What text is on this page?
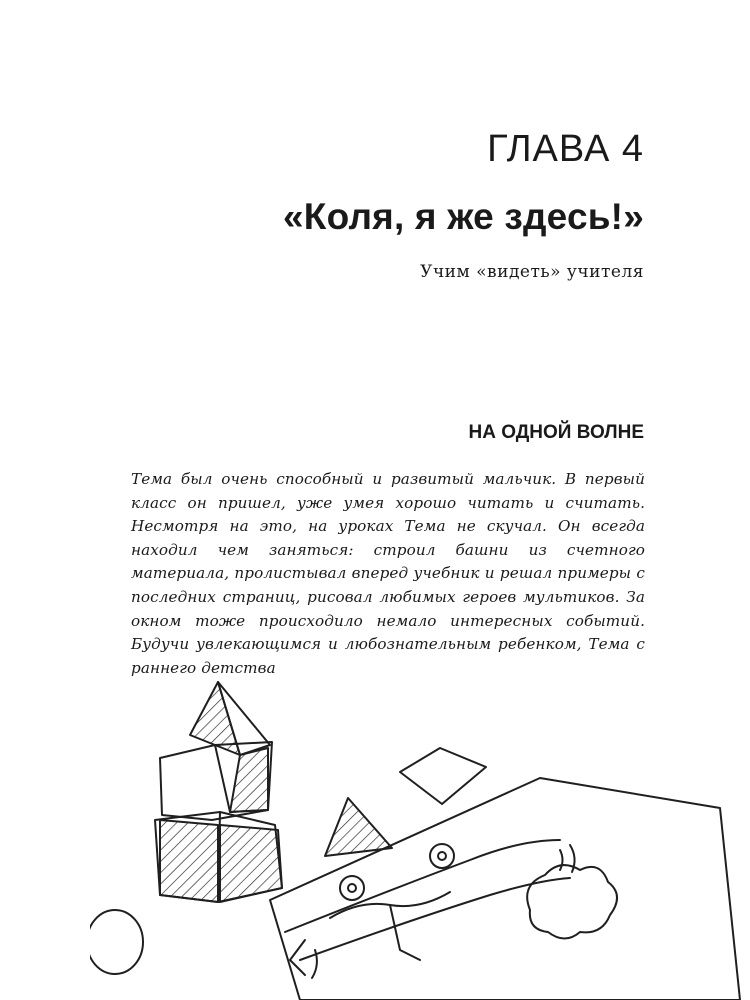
ГЛАВА 4
«Коля, я же здесь!»

Учим «видеть» учителя

НА ОДНОЙ ВОЛНЕ

Тема был очень способный и развитый мальчик. В первый класс он пришел, уже умея хорошо читать и считать. Несмотря на это, на уроках Тема не скучал. Он всегда находил чем заняться: строил башни из счетного материала, пролистывал вперед учебник и решал примеры с последних страниц, рисовал любимых героев мультиков. За окном тоже происходило немало интересных событий. Будучи увлекающимся и любознательным ребенком, Тема с раннего детства
